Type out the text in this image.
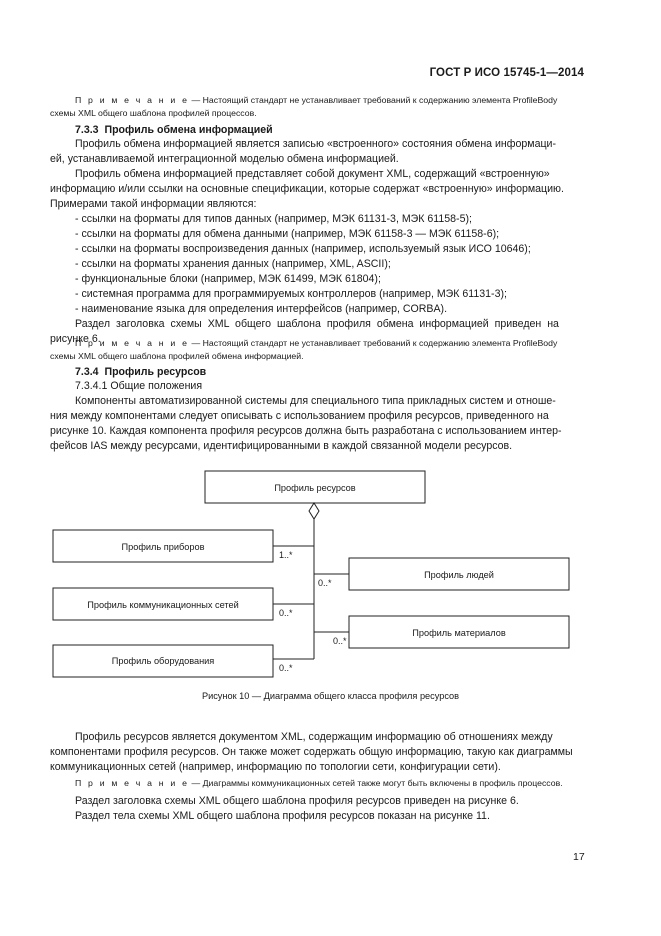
ГОСТ Р ИСО 15745-1—2014

П р и м е ч а н и е — Настоящий стандарт не устанавливает требований к содержанию элемента ProfileBody

схемы XML общего шаблона профилей процессов.

7.3.3 Профиль обмена информацией

Профиль обмена информацией является записью «встроенного» состояния обмена информаци-

ей, устанавливаемой интеграционной моделью обмена информацией.

Профиль обмена информацией представляет собой документ XML, содержащий «встроенную»

информацию и/или ссылки на основные спецификации, которые содержат «встроенную» информацию.

Примерами такой информации являются:

- ссылки на форматы для типов данных (например, МЭК 61131-3, МЭК 61158-5);

- ссылки на форматы для обмена данными (например, МЭК 61158-3 — МЭК 61158-6);

- ссылки на форматы воспроизведения данных (например, используемый язык ИСО 10646);

- ссылки на форматы хранения данных (например, XML, ASCII);

- функциональные блоки (например, МЭК 61499, МЭК 61804);

- системная программа для программируемых контроллеров (например, МЭК 61131-3);

- наименование языка для определения интерфейсов (например, CORBA).

Раздел заголовка схемы XML общего шаблона профиля обмена информацией приведен на

рисунке 6.

П р и м е ч а н и е — Настоящий стандарт не устанавливает требований к содержанию элемента ProfileBody

схемы XML общего шаблона профилей обмена информацией.

7.3.4 Профиль ресурсов

7.3.4.1 Общие положения

Компоненты автоматизированной системы для специального типа прикладных систем и отноше-

ния между компонентами следует описывать с использованием профиля ресурсов, приведенного на

рисунке 10. Каждая компонента профиля ресурсов должна быть разработана с использованием интер-

фейсов IAS между ресурсами, идентифицированными в каждой связанной модели ресурсов.

Профиль ресурсов
Профиль приборов
Профиль коммуникационных сетей
Профиль оборудования
Профиль людей
Профиль материалов
1..*
0..*
0..*
0..*
0..*
Рисунок 10 — Диаграмма общего класса профиля ресурсов

Профиль ресурсов является документом XML, содержащим информацию об отношениях между

компонентами профиля ресурсов. Он также может содержать общую информацию, такую как диаграммы

коммуникационных сетей (например, информацию по топологии сети, конфигурации сети).

П р и м е ч а н и е — Диаграммы коммуникационных сетей также могут быть включены в профиль процессов.

Раздел заголовка схемы XML общего шаблона профиля ресурсов приведен на рисунке 6.

Раздел тела схемы XML общего шаблона профиля ресурсов показан на рисунке 11.

17
